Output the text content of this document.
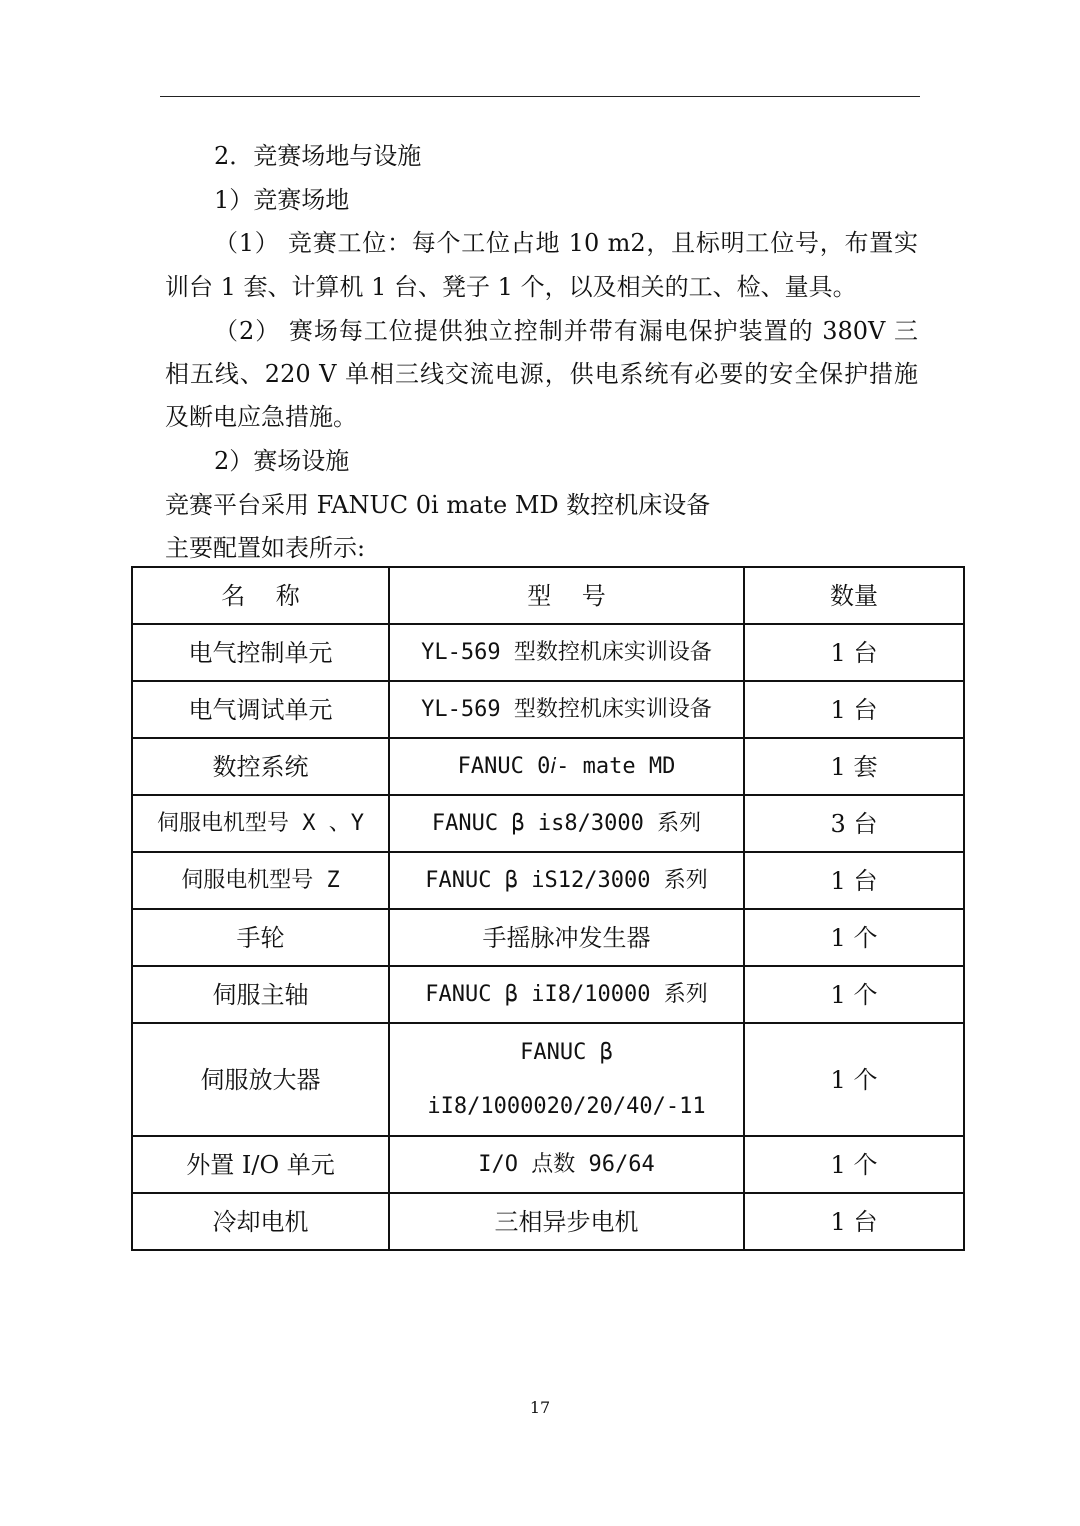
2．竞赛场地与设施
1）竞赛场地
（1） 竞赛工位：每个工位占地 10 m2，且标明工位号，布置实
训台 1 套、计算机 1 台、凳子 1 个，以及相关的工、检、量具。
（2） 赛场每工位提供独立控制并带有漏电保护装置的 380V 三
相五线、220 V 单相三线交流电源，供电系统有必要的安全保护措施
及断电应急措施。
2）赛场设施
竞赛平台采用 FANUC 0i mate MD 数控机床设备
主要配置如表所示:
名    称	型    号	数量
电气控制单元	YL-569 型数控机床实训设备	1 台
电气调试单元	YL-569 型数控机床实训设备	1 台
数控系统	FANUC 0𝑖- mate MD	1 套
伺服电机型号 X 、Y	FANUC β is8/3000 系列	3 台
伺服电机型号 Z	FANUC β iS12/3000 系列	1 台
手轮	手摇脉冲发生器	1 个
伺服主轴	FANUC β iI8/10000 系列	1 个
伺服放大器	FANUC β
iI8/1000020/20/40/-11	1 个
外置 I/O 单元	I/O 点数 96/64	1 个
冷却电机	三相异步电机	1 台
17
